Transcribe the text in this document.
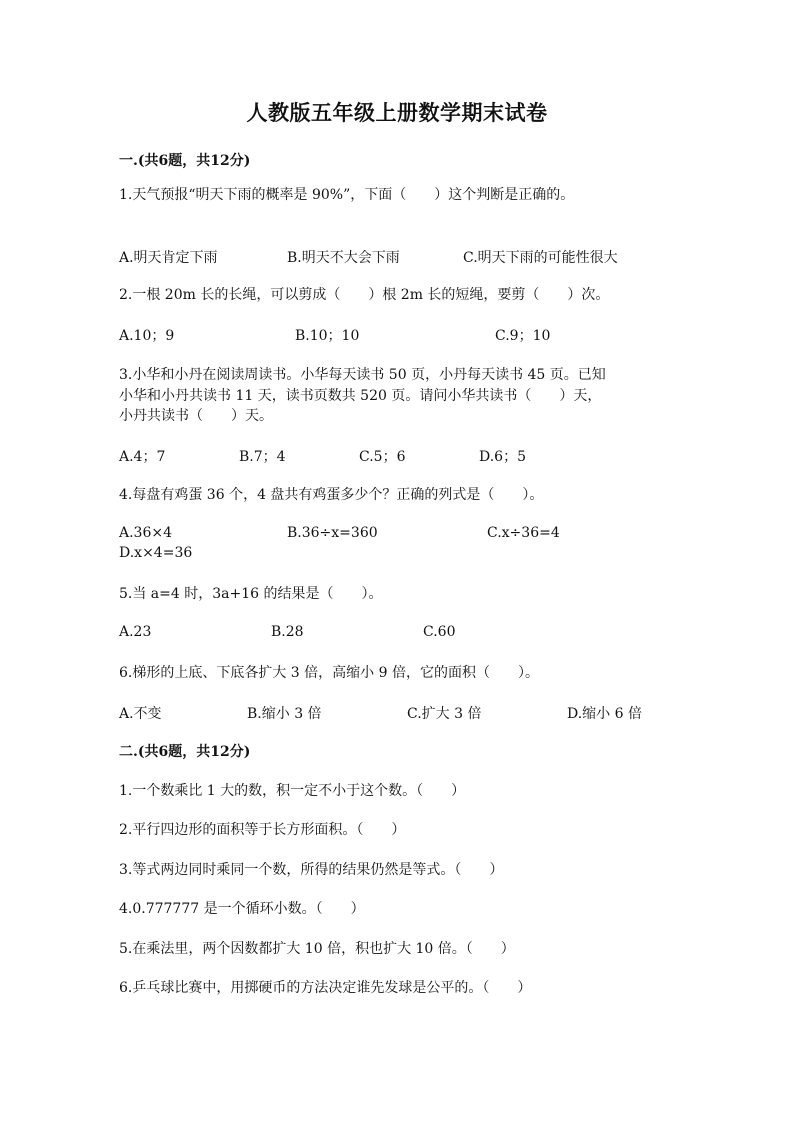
人教版五年级上册数学期末试卷
一.(共6题，共12分)
1.天气预报“明天下雨的概率是 90%”，下面（　　）这个判断是正确的。
A.明天肯定下雨	B.明天不大会下雨	C.明天下雨的可能性很大
2.一根 20m 长的长绳，可以剪成（　　）根 2m 长的短绳，要剪（　　）次。
A.10；9	B.10；10	C.9；10
3.小华和小丹在阅读周读书。小华每天读书 50 页，小丹每天读书 45 页。已知
小华和小丹共读书 11 天，读书页数共 520 页。请问小华共读书（　　）天，
小丹共读书（　　）天。
A.4；7	B.7；4	C.5；6	D.6；5
4.每盘有鸡蛋 36 个，4 盘共有鸡蛋多少个？正确的列式是（　　）。
A.36×4	B.36÷x=360	C.x÷36=4
D.x×4=36
5.当 a=4 时，3a+16 的结果是（　　）。
A.23	B.28	C.60
6.梯形的上底、下底各扩大 3 倍，高缩小 9 倍，它的面积（　　）。
A.不变	B.缩小 3 倍	C.扩大 3 倍	D.缩小 6 倍
二.(共6题，共12分)
1.一个数乘比 1 大的数，积一定不小于这个数。（　　）
2.平行四边形的面积等于长方形面积。（　　）
3.等式两边同时乘同一个数，所得的结果仍然是等式。（　　）
4.0.777777 是一个循环小数。（　　）
5.在乘法里，两个因数都扩大 10 倍，积也扩大 10 倍。（　　）
6.乒乓球比赛中，用掷硬币的方法决定谁先发球是公平的。（　　）
